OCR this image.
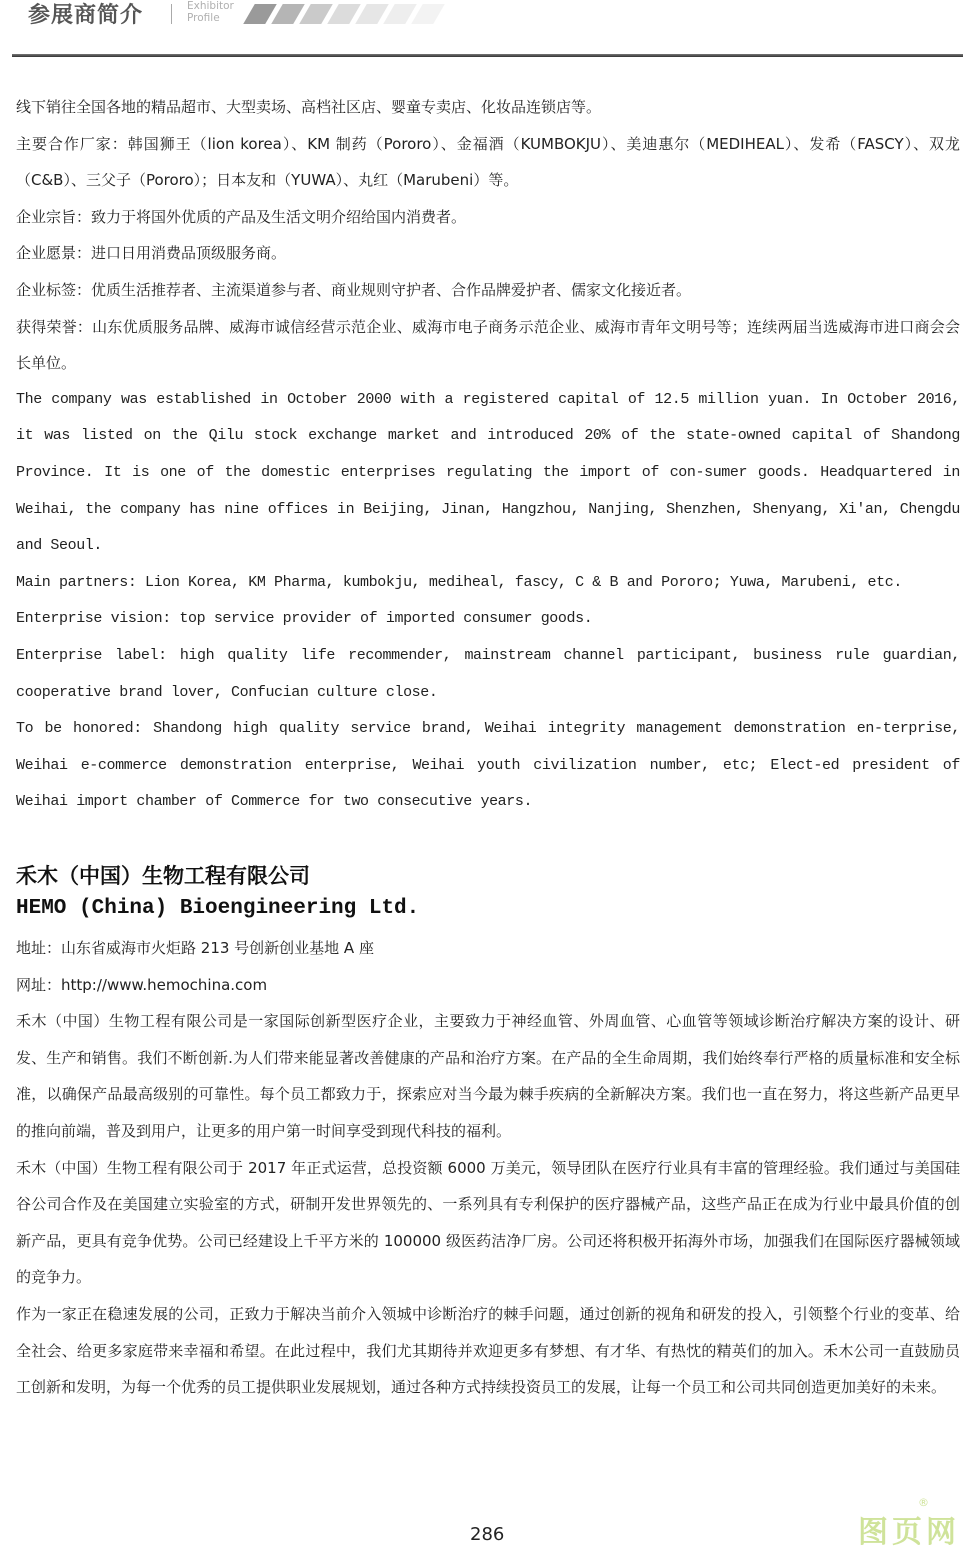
参展商简介	Exhibitor
Profile

线下销往全国各地的精品超市、大型卖场、高档社区店、婴童专卖店、化妆品连锁店等。

主要合作厂家：韩国狮王（lion korea）、KM 制药（Pororo）、金福酒（KUMBOKJU）、美迪惠尔（MEDIHEAL）、发希（FASCY）、双龙（C&B）、三父子（Pororo）；日本友和（YUWA）、丸红（Marubeni）等。

企业宗旨：致力于将国外优质的产品及生活文明介绍给国内消费者。

企业愿景：进口日用消费品顶级服务商。

企业标签：优质生活推荐者、主流渠道参与者、商业规则守护者、合作品牌爱护者、儒家文化接近者。

获得荣誉：山东优质服务品牌、威海市诚信经营示范企业、威海市电子商务示范企业、威海市青年文明号等；连续两届当选威海市进口商会会长单位。

The company was established in October 2000 with a registered capital of 12.5 million yuan. In October 2016, it was listed on the Qilu stock exchange market and introduced 20% of the state-owned capital of Shandong Province. It is one of the domestic enterprises regulating the import of con-sumer goods. Headquartered in Weihai, the company has nine offices in Beijing, Jinan, Hangzhou, Nanjing, Shenzhen, Shenyang, Xi'an, Chengdu and Seoul.

Main partners: Lion Korea, KM Pharma, kumbokju, mediheal, fascy, C & B and Pororo; Yuwa, Marubeni, etc.

Enterprise vision: top service provider of imported consumer goods.

Enterprise label: high quality life recommender, mainstream channel participant, business rule guardian, cooperative brand lover, Confucian culture close.

To be honored: Shandong high quality service brand, Weihai integrity management demonstration en-terprise, Weihai e-commerce demonstration enterprise, Weihai youth civilization number, etc; Elect-ed president of Weihai import chamber of Commerce for two consecutive years.

禾木（中国）生物工程有限公司
HEMO (China) Bioengineering Ltd.

地址：山东省威海市火炬路 213 号创新创业基地 A 座

网址：http://www.hemochina.com

禾木（中国）生物工程有限公司是一家国际创新型医疗企业，主要致力于神经血管、外周血管、心血管等领域诊断治疗解决方案的设计、研发、生产和销售。我们不断创新.为人们带来能显著改善健康的产品和治疗方案。在产品的全生命周期，我们始终奉行严格的质量标准和安全标准，以确保产品最高级别的可靠性。每个员工都致力于，探索应对当今最为棘手疾病的全新解决方案。我们也一直在努力，将这些新产品更早的推向前端，普及到用户，让更多的用户第一时间享受到现代科技的福利。

禾木（中国）生物工程有限公司于 2017 年正式运营，总投资额 6000 万美元，领导团队在医疗行业具有丰富的管理经验。我们通过与美国硅谷公司合作及在美国建立实验室的方式，研制开发世界领先的、一系列具有专利保护的医疗器械产品，这些产品正在成为行业中最具价值的创新产品，更具有竞争优势。公司已经建设上千平方米的 100000 级医药洁净厂房。公司还将积极开拓海外市场，加强我们在国际医疗器械领域的竞争力。

作为一家正在稳速发展的公司，正致力于解决当前介入领城中诊断治疗的棘手问题，通过创新的视角和研发的投入，引领整个行业的变革、给全社会、给更多家庭带来幸福和希望。在此过程中，我们尤其期待并欢迎更多有梦想、有才华、有热忱的精英们的加入。禾木公司一直鼓励员工创新和发明，为每一个优秀的员工提供职业发展规划，通过各种方式持续投资员工的发展，让每一个员工和公司共同创造更加美好的未来。

286	图页网
®
